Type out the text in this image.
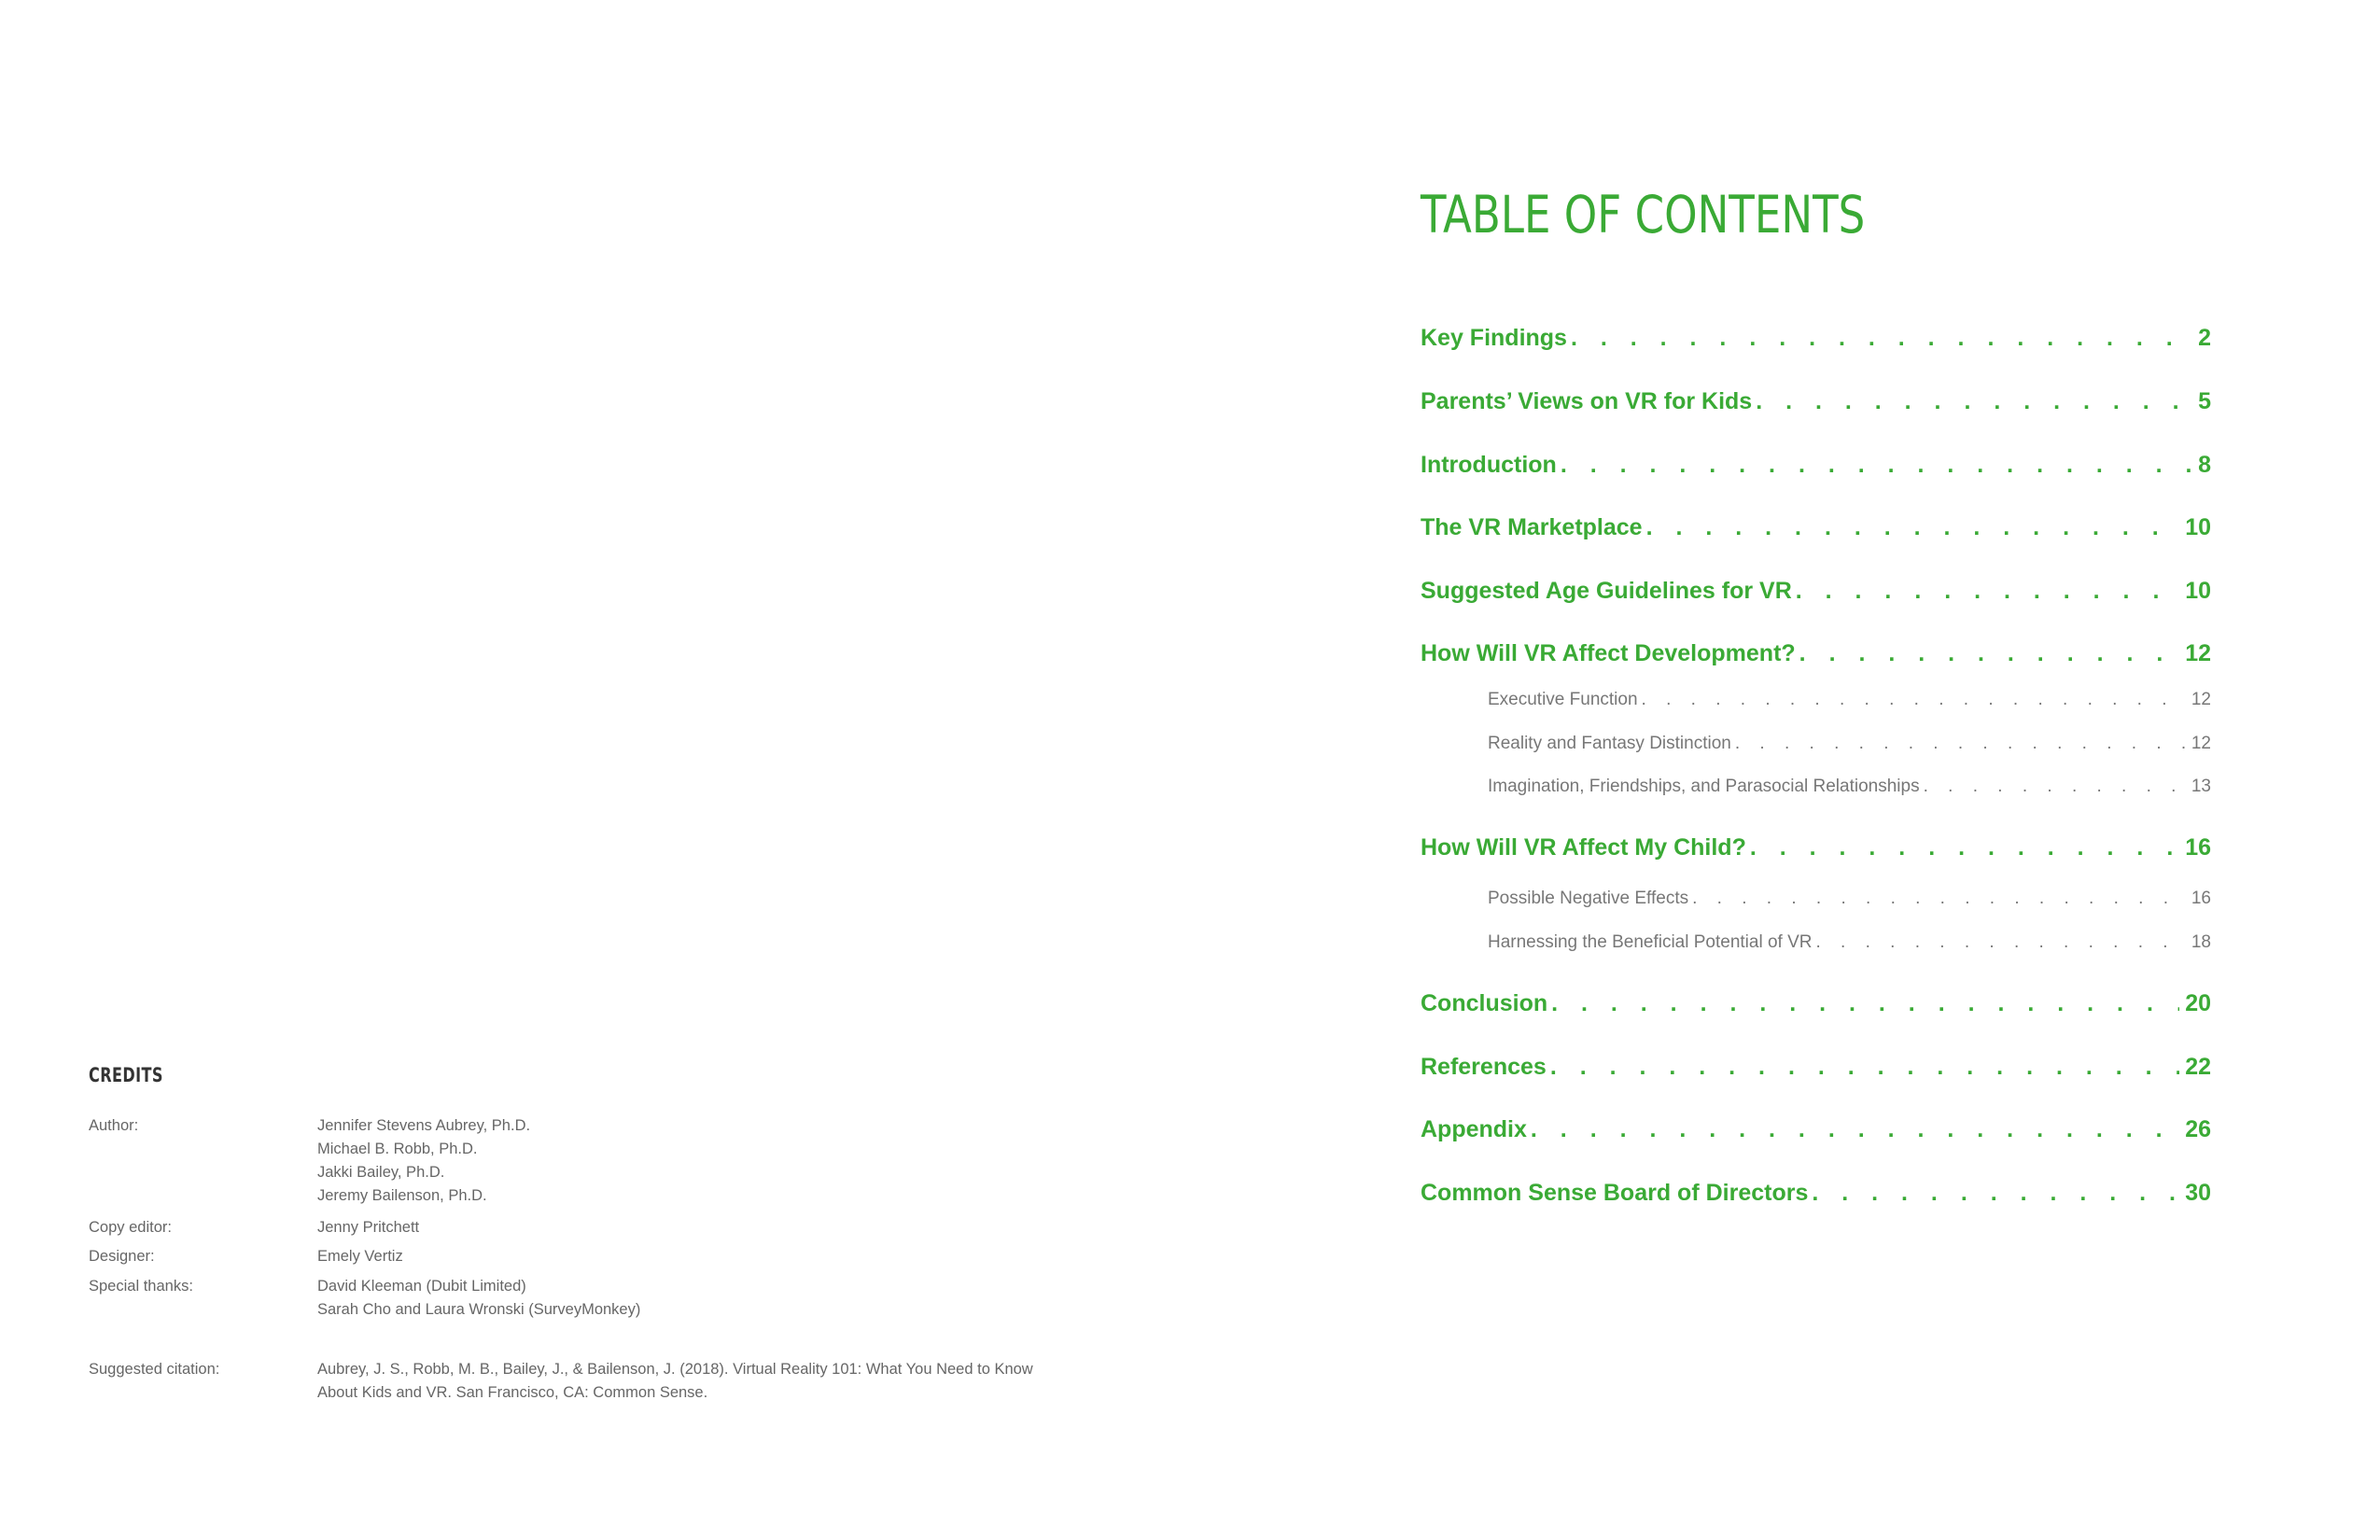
TABLE OF CONTENTS
Key Findings . . .	2
Parents’ Views on VR for Kids . . .	5
Introduction . . .	8
The VR Marketplace . . .	10
Suggested Age Guidelines for VR . . .	10
How Will VR Affect Development? . . .	12
Executive Function . . .	12
Reality and Fantasy Distinction . . .	12
Imagination, Friendships, and Parasocial Relationships . . .	13
How Will VR Affect My Child? . . .	16
Possible Negative Effects . . .	16
Harnessing the Beneficial Potential of VR . . .	18
Conclusion . . .	20
References . . .	22
Appendix . . .	26
Common Sense Board of Directors . . .	30
CREDITS
Author:	Jennifer Stevens Aubrey, Ph.D.
Michael B. Robb, Ph.D.
Jakki Bailey, Ph.D.
Jeremy Bailenson, Ph.D.
Copy editor:	Jenny Pritchett
Designer:	Emely Vertiz
Special thanks:	David Kleeman (Dubit Limited)
Sarah Cho and Laura Wronski (SurveyMonkey)
Suggested citation:	Aubrey, J. S., Robb, M. B., Bailey, J., & Bailenson, J. (2018). Virtual Reality 101: What You Need to Know
About Kids and VR. San Francisco, CA: Common Sense.
